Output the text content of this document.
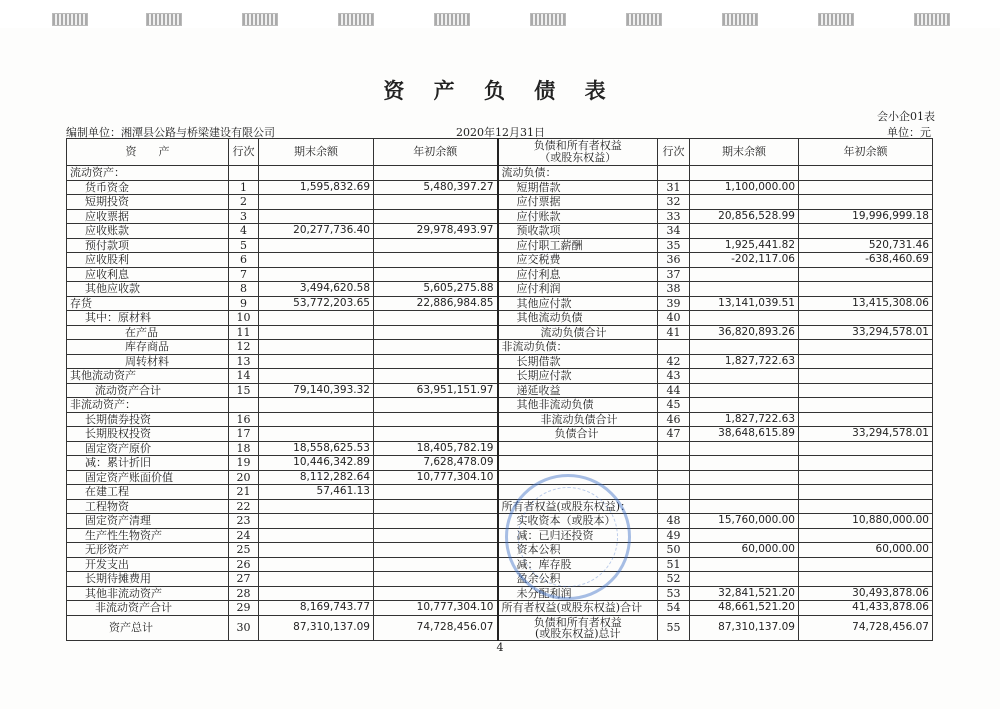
资 产 负 债 表
会小企01表
编制单位：湘潭县公路与桥梁建设有限公司	2020年12月31日	单位：元
资　　产	行次	期末余额	年初余额	负债和所有者权益
（或股东权益）	行次	期末余额	年初余额
流动资产：				流动负债：			
货币资金	1	1,595,832.69	5,480,397.27	短期借款	31	1,100,000.00	
短期投资	2			应付票据	32		
应收票据	3			应付账款	33	20,856,528.99	19,996,999.18
应收账款	4	20,277,736.40	29,978,493.97	预收款项	34		
预付款项	5			应付职工薪酬	35	1,925,441.82	520,731.46
应收股利	6			应交税费	36	-202,117.06	-638,460.69
应收利息	7			应付利息	37		
其他应收款	8	3,494,620.58	5,605,275.88	应付利润	38		
存货	9	53,772,203.65	22,886,984.85	其他应付款	39	13,141,039.51	13,415,308.06
其中：原材料	10			其他流动负债	40		
在产品	11			流动负债合计	41	36,820,893.26	33,294,578.01
库存商品	12			非流动负债：			
周转材料	13			长期借款	42	1,827,722.63	
其他流动资产	14			长期应付款	43		
流动资产合计	15	79,140,393.32	63,951,151.97	递延收益	44		
非流动资产：				其他非流动负债	45		
长期债券投资	16			非流动负债合计	46	1,827,722.63	
长期股权投资	17			负债合计	47	38,648,615.89	33,294,578.01
固定资产原价	18	18,558,625.53	18,405,782.19				
减：累计折旧	19	10,446,342.89	7,628,478.09				
固定资产账面价值	20	8,112,282.64	10,777,304.10				
在建工程	21	57,461.13					
工程物资	22			所有者权益(或股东权益)：			
固定资产清理	23			实收资本（或股本）	48	15,760,000.00	10,880,000.00
生产性生物资产	24			减：已归还投资	49		
无形资产	25			资本公积	50	60,000.00	60,000.00
开发支出	26			减：库存股	51		
长期待摊费用	27			盈余公积	52		
其他非流动资产	28			未分配利润	53	32,841,521.20	30,493,878.06
非流动资产合计	29	8,169,743.77	10,777,304.10	所有者权益(或股东权益)合计	54	48,661,521.20	41,433,878.06
资产总计	30	87,310,137.09	74,728,456.07	负债和所有者权益
(或股东权益)总计	55	87,310,137.09	74,728,456.07
4
